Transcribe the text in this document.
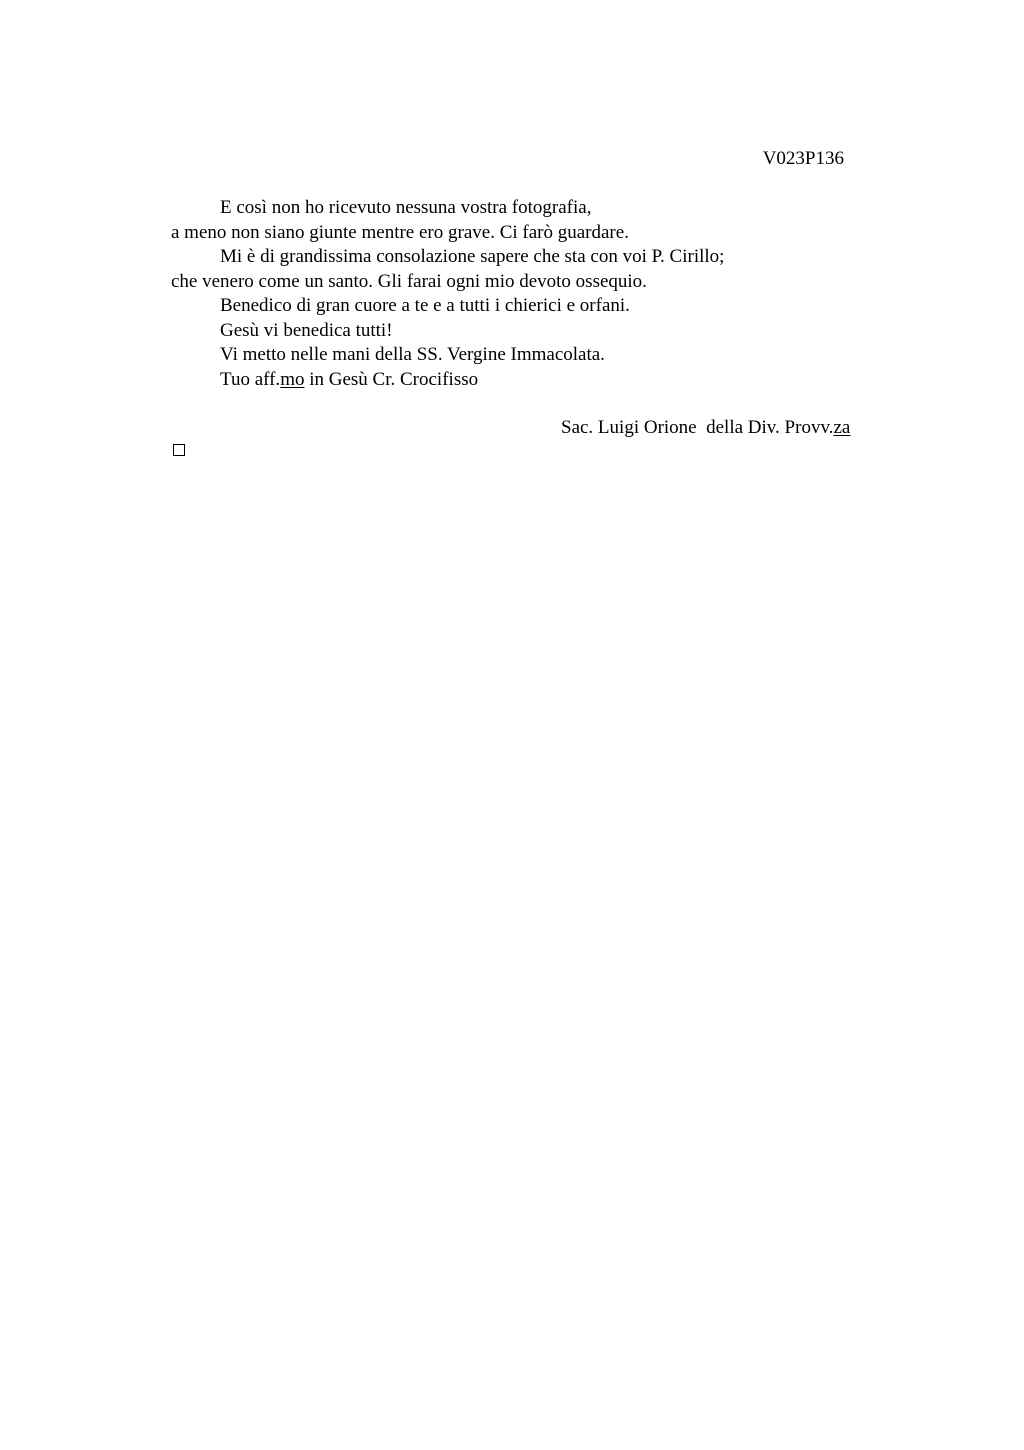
V023P136
E così non ho ricevuto nessuna vostra fotografia,
a meno non siano giunte mentre ero grave. Ci farò guardare.
Mi è di grandissima consolazione sapere che sta con voi P. Cirillo;
che venero come un santo. Gli farai ogni mio devoto ossequio.
Benedico di gran cuore a te e a tutti i chierici e orfani.
Gesù vi benedica tutti!
Vi metto nelle mani della SS. Vergine Immacolata.
Tuo aff.mo in Gesù Cr. Crocifisso
Sac. Luigi Orione  della Div. Provv.za
